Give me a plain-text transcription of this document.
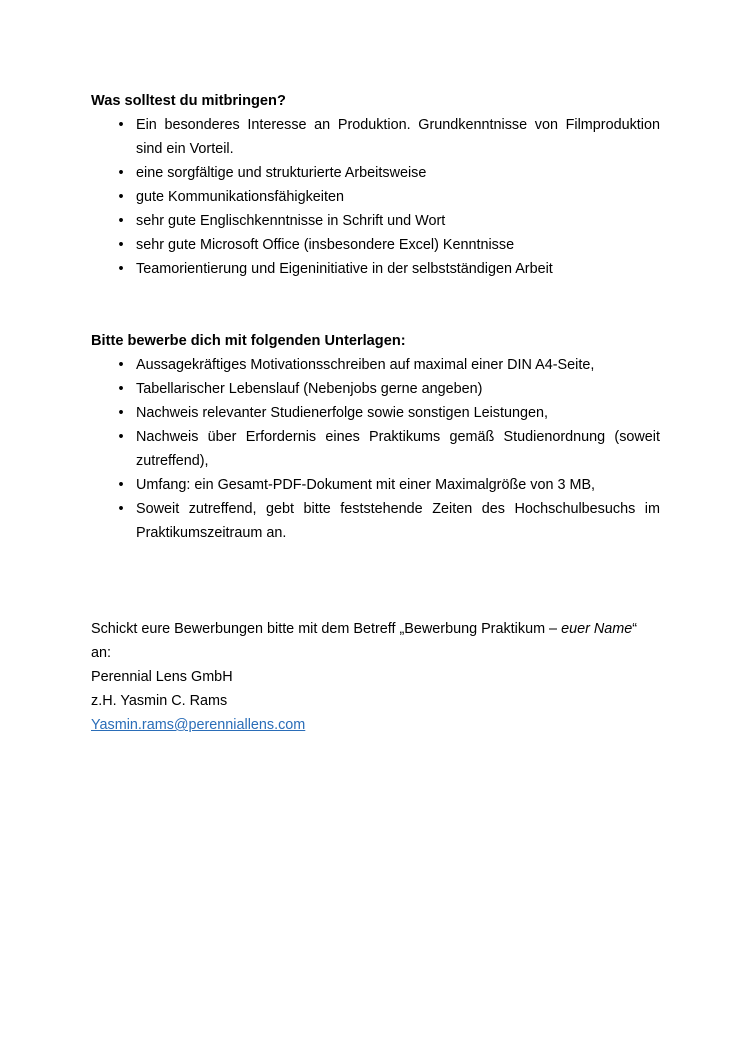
Was solltest du mitbringen?

• Ein besonderes Interesse an Produktion. Grundkenntnisse von Filmproduktion sind ein Vorteil.
• eine sorgfältige und strukturierte Arbeitsweise
• gute Kommunikationsfähigkeiten
• sehr gute Englischkenntnisse in Schrift und Wort
• sehr gute Microsoft Office (insbesondere Excel) Kenntnisse
• Teamorientierung und Eigeninitiative in der selbstständigen Arbeit

Bitte bewerbe dich mit folgenden Unterlagen:

• Aussagekräftiges Motivationsschreiben auf maximal einer DIN A4-Seite,
• Tabellarischer Lebenslauf (Nebenjobs gerne angeben)
• Nachweis relevanter Studienerfolge sowie sonstigen Leistungen,
• Nachweis über Erfordernis eines Praktikums gemäß Studienordnung (soweit zutreffend),
• Umfang: ein Gesamt-PDF-Dokument mit einer Maximalgröße von 3 MB,
• Soweit zutreffend, gebt bitte feststehende Zeiten des Hochschulbesuchs im Praktikumszeitraum an.

Schickt eure Bewerbungen bitte mit dem Betreff „Bewerbung Praktikum – euer Name“

an:

Perennial Lens GmbH

z.H. Yasmin C. Rams

Yasmin.rams@perenniallens.com
